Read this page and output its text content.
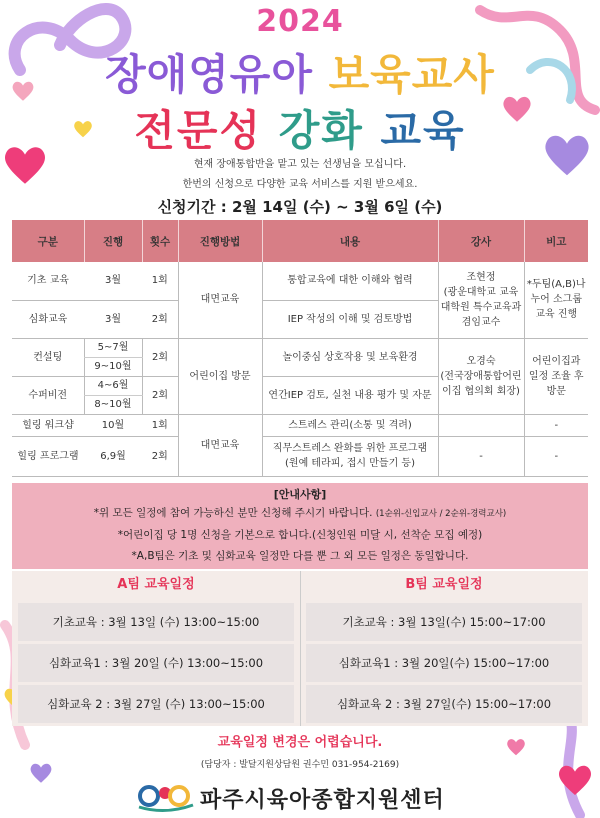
2024
장애영유아 보육교사
전문성 강화 교육
현재 장애통합반을 맡고 있는 선생님을 모십니다.
한번의 신청으로 다양한 교육 서비스를 지원 받으세요.
신청기간 : 2월 14일 (수) ~ 3월 6일 (수)
구분	진행	횟수	진행방법	내용	강사	비고
기초 교육	3월	1회	대면교육	통합교육에 대한 이해와 협력	조현정
(광운대학교 교육
대학원 특수교육과
겸임교수	*두팀(A,B)나
누어 소그룹
교육 진행
심화교육	3월	2회		IEP 작성의 이해 및 검토방법		
컨설팅	5~7월	2회	어린이집 방문	놀이중심 상호작용 및 보육환경	오경숙
(전국장애통합어린
이집 협의회 회장)	어린이집과
일정 조율 후
방문
	9~10월					
수퍼비전	4~6월	2회		연간IEP 검토, 실천 내용 평가 및 자문		
	8~10월					
힐링 워크샵	10월	1회	대면교육	스트레스 관리(소통 및 격려)		-
힐링 프로그램	6,9월	2회		직무스트레스 완화를 위한 프로그램
(원예 테라피, 접시 만들기 등)	-	-
[안내사항]
*위 모든 일정에 참여 가능하신 분만 신청해 주시기 바랍니다. (1순위-신입교사 / 2순위-경력교사)
*어린이집 당 1명 신청을 기본으로 합니다.(신청인원 미달 시, 선착순 모집 예정)
*A,B팀은 기초 및 심화교육 일정만 다를 뿐 그 외 모든 일정은 동일합니다.
A팀 교육일정	B팀 교육일정
기초교육 : 3월 13일 (수) 13:00~15:00
심화교육1 : 3월 20일 (수) 13:00~15:00
심화교육 2 : 3월 27일 (수) 13:00~15:00
기초교육 : 3월 13일(수) 15:00~17:00
심화교육1 : 3월 20일(수) 15:00~17:00
심화교육 2 : 3월 27일(수) 15:00~17:00
교육일정 변경은 어렵습니다.
(담당자 : 발달지원상담원 권수민 031-954-2169)
파주시육아종합지원센터
